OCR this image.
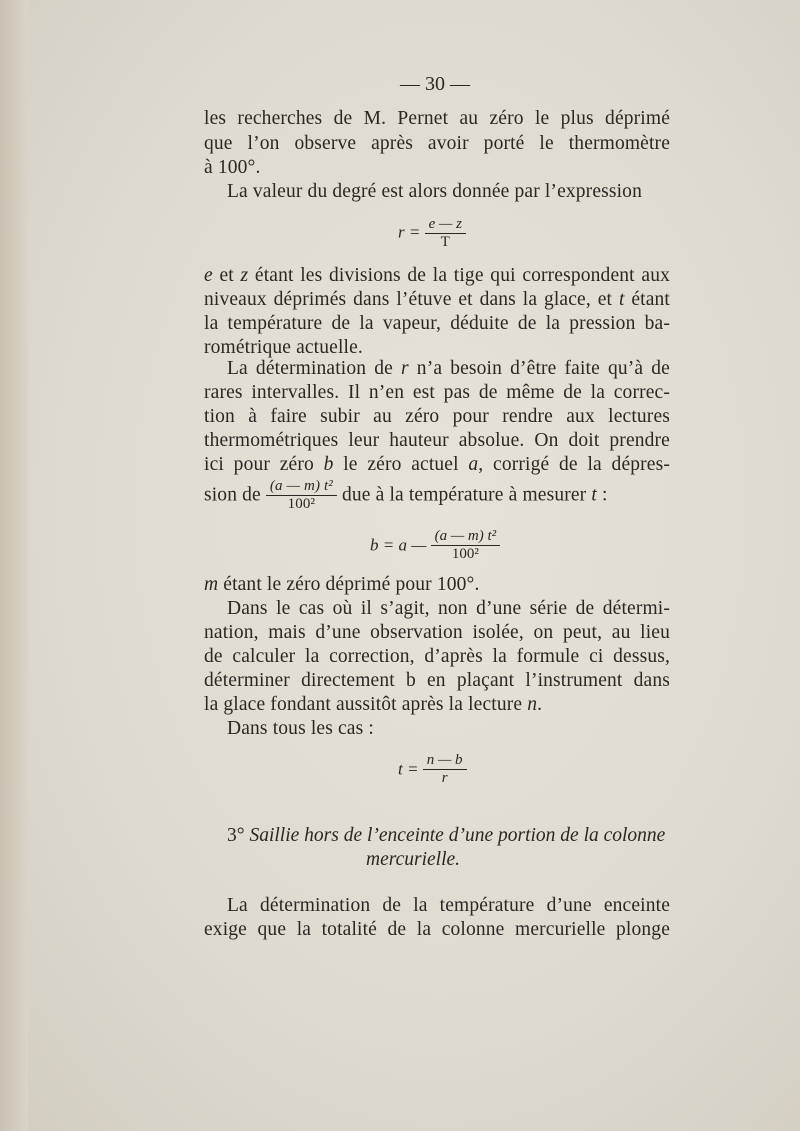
— 30 —
les recherches de M. Pernet au zéro le plus déprimé
que l’on observe après avoir porté le thermomètre
à 100°.
La valeur du degré est alors donnée par l’expression
$r = \frac{e — z}{T}$
e et z étant les divisions de la tige qui correspondent aux
niveaux déprimés dans l’étuve et dans la glace, et t étant
la température de la vapeur, déduite de la pression ba-
rométrique actuelle.
La détermination de r n’a besoin d’être faite qu’à de
rares intervalles. Il n’en est pas de même de la correc-
tion à faire subir au zéro pour rendre aux lectures
thermométriques leur hauteur absolue. On doit prendre
ici pour zéro b le zéro actuel a, corrigé de la dépres-
sion de $\frac{\text{(a — m) t²}}{\text{100²}}$ due à la température à mesurer t :
b = a — $\frac{\text{(a — m) t²}}{\text{100²}}$
m étant le zéro déprimé pour 100°.
Dans le cas où il s’agit, non d’une série de détermi-
nation, mais d’une observation isolée, on peut, au lieu
de calculer la correction, d’après la formule ci dessus,
déterminer directement b en plaçant l’instrument dans
la glace fondant aussitôt après la lecture n.
Dans tous les cas :
$t = \frac{n — b}{r}$
3° Saillie hors de l’enceinte d’une portion de la colonne
mercurielle.
La détermination de la température d’une enceinte
exige que la totalité de la colonne mercurielle plonge
